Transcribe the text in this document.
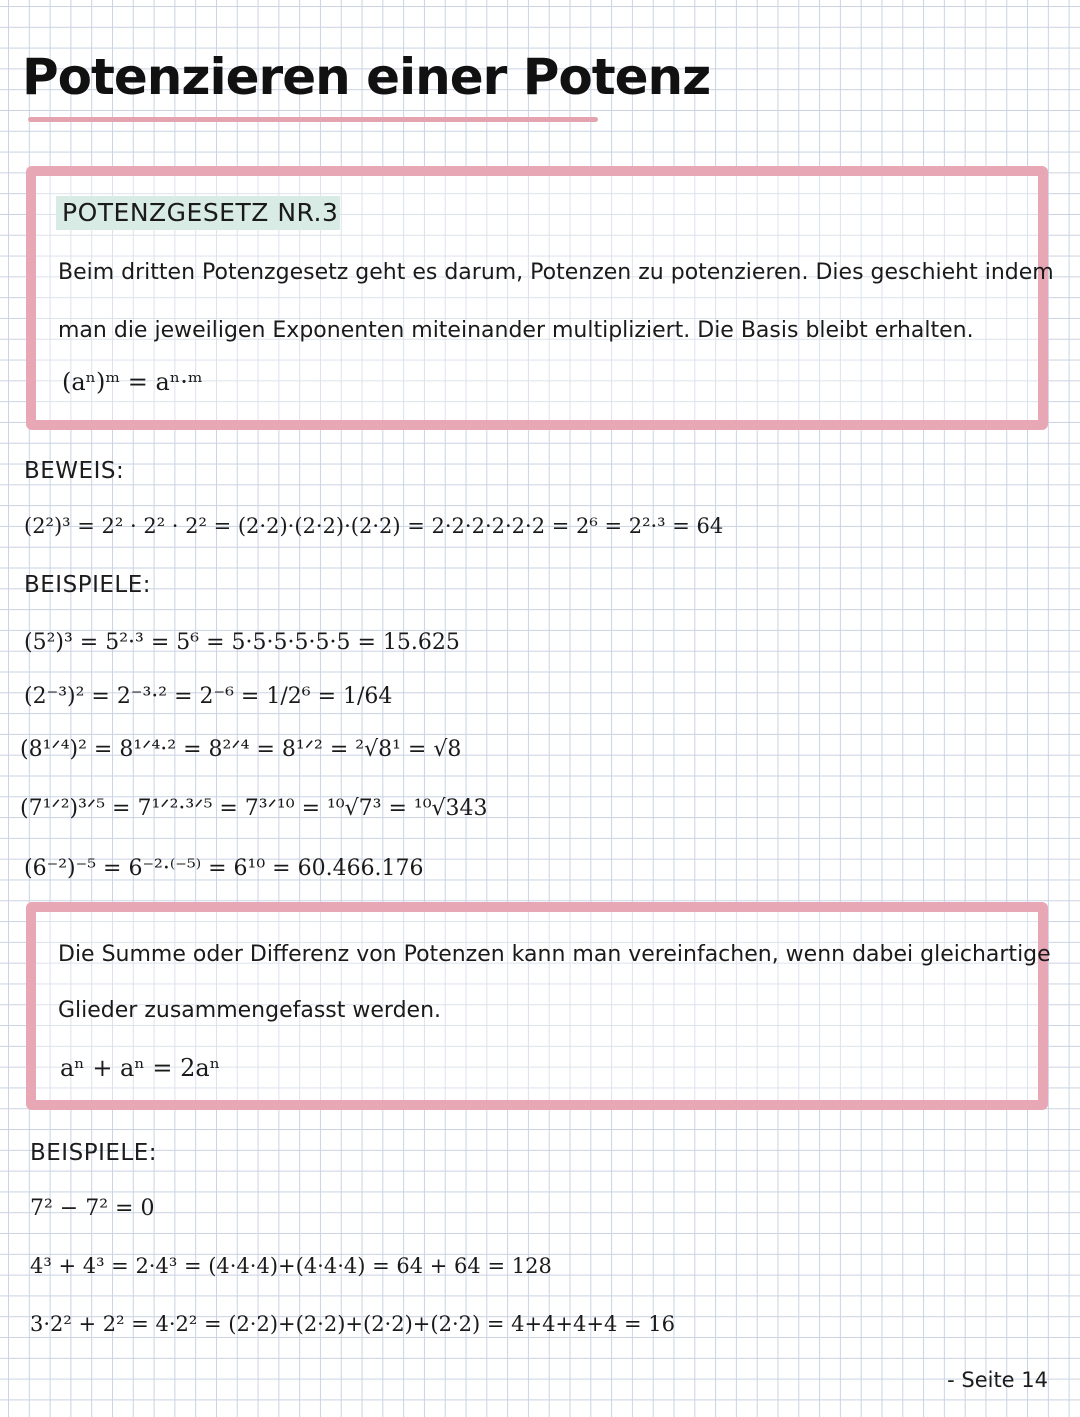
Potenzieren einer Potenz
POTENZGESETZ NR.3
Beim dritten Potenzgesetz geht es darum, Potenzen zu potenzieren. Dies geschieht indem
man die jeweiligen Exponenten miteinander multipliziert. Die Basis bleibt erhalten.
(aⁿ)ᵐ = aⁿ·ᵐ
BEWEIS:
(2²)³ = 2² · 2² · 2² = (2·2)·(2·2)·(2·2) = 2·2·2·2·2·2 = 2⁶ = 2²·³ = 64
BEISPIELE:
(5²)³ = 5²·³ = 5⁶ = 5·5·5·5·5·5 = 15.625
(2⁻³)² = 2⁻³·² = 2⁻⁶ = 1/2⁶ = 1/64
(8¹ᐟ⁴)² = 8¹ᐟ⁴·² = 8²ᐟ⁴ = 8¹ᐟ² = ²√8¹ = √8
(7¹ᐟ²)³ᐟ⁵ = 7¹ᐟ²·³ᐟ⁵ = 7³ᐟ¹⁰ = ¹⁰√7³ = ¹⁰√343
(6⁻²)⁻⁵ = 6⁻²·⁽⁻⁵⁾ = 6¹⁰ = 60.466.176
Die Summe oder Differenz von Potenzen kann man vereinfachen, wenn dabei gleichartige
Glieder zusammengefasst werden.
aⁿ + aⁿ = 2aⁿ
BEISPIELE:
7² − 7² = 0
4³ + 4³ = 2·4³ = (4·4·4)+(4·4·4) = 64 + 64 = 128
3·2² + 2² = 4·2² = (2·2)+(2·2)+(2·2)+(2·2) = 4+4+4+4 = 16
- Seite 14
